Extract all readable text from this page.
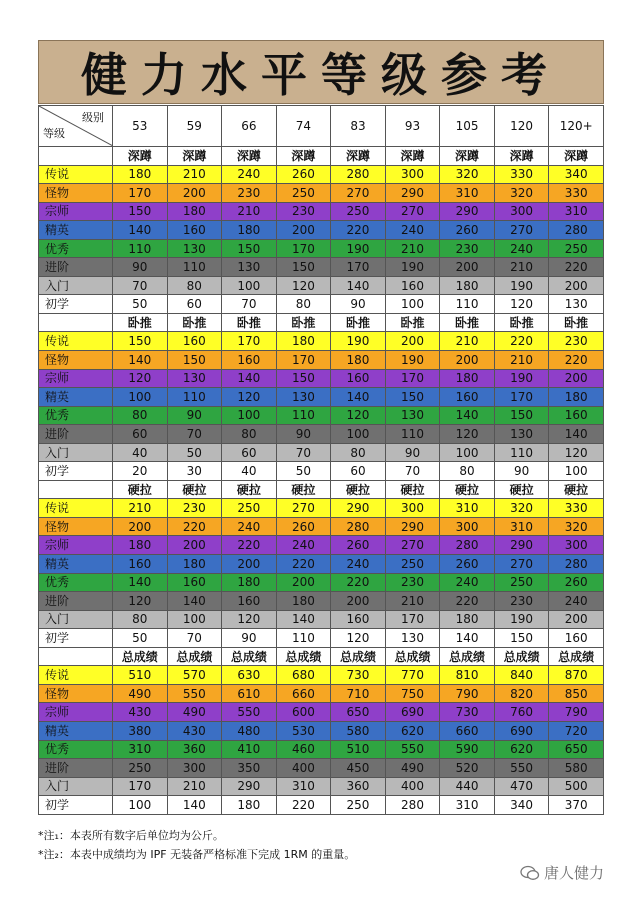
健力水平等级参考
级别
等级	53	59	66	74	83	93	105	120	120+
	深蹲	深蹲	深蹲	深蹲	深蹲	深蹲	深蹲	深蹲	深蹲
传说	180	210	240	260	280	300	320	330	340
怪物	170	200	230	250	270	290	310	320	330
宗师	150	180	210	230	250	270	290	300	310
精英	140	160	180	200	220	240	260	270	280
优秀	110	130	150	170	190	210	230	240	250
进阶	90	110	130	150	170	190	200	210	220
入门	70	80	100	120	140	160	180	190	200
初学	50	60	70	80	90	100	110	120	130
	卧推	卧推	卧推	卧推	卧推	卧推	卧推	卧推	卧推
传说	150	160	170	180	190	200	210	220	230
怪物	140	150	160	170	180	190	200	210	220
宗师	120	130	140	150	160	170	180	190	200
精英	100	110	120	130	140	150	160	170	180
优秀	80	90	100	110	120	130	140	150	160
进阶	60	70	80	90	100	110	120	130	140
入门	40	50	60	70	80	90	100	110	120
初学	20	30	40	50	60	70	80	90	100
	硬拉	硬拉	硬拉	硬拉	硬拉	硬拉	硬拉	硬拉	硬拉
传说	210	230	250	270	290	300	310	320	330
怪物	200	220	240	260	280	290	300	310	320
宗师	180	200	220	240	260	270	280	290	300
精英	160	180	200	220	240	250	260	270	280
优秀	140	160	180	200	220	230	240	250	260
进阶	120	140	160	180	200	210	220	230	240
入门	80	100	120	140	160	170	180	190	200
初学	50	70	90	110	120	130	140	150	160
	总成绩	总成绩	总成绩	总成绩	总成绩	总成绩	总成绩	总成绩	总成绩
传说	510	570	630	680	730	770	810	840	870
怪物	490	550	610	660	710	750	790	820	850
宗师	430	490	550	600	650	690	730	760	790
精英	380	430	480	530	580	620	660	690	720
优秀	310	360	410	460	510	550	590	620	650
进阶	250	300	350	400	450	490	520	550	580
入门	170	210	290	310	360	400	440	470	500
初学	100	140	180	220	250	280	310	340	370
*注₁：本表所有数字后单位均为公斤。
*注₂：本表中成绩均为 IPF 无装备严格标准下完成 1RM 的重量。
唐人健力
